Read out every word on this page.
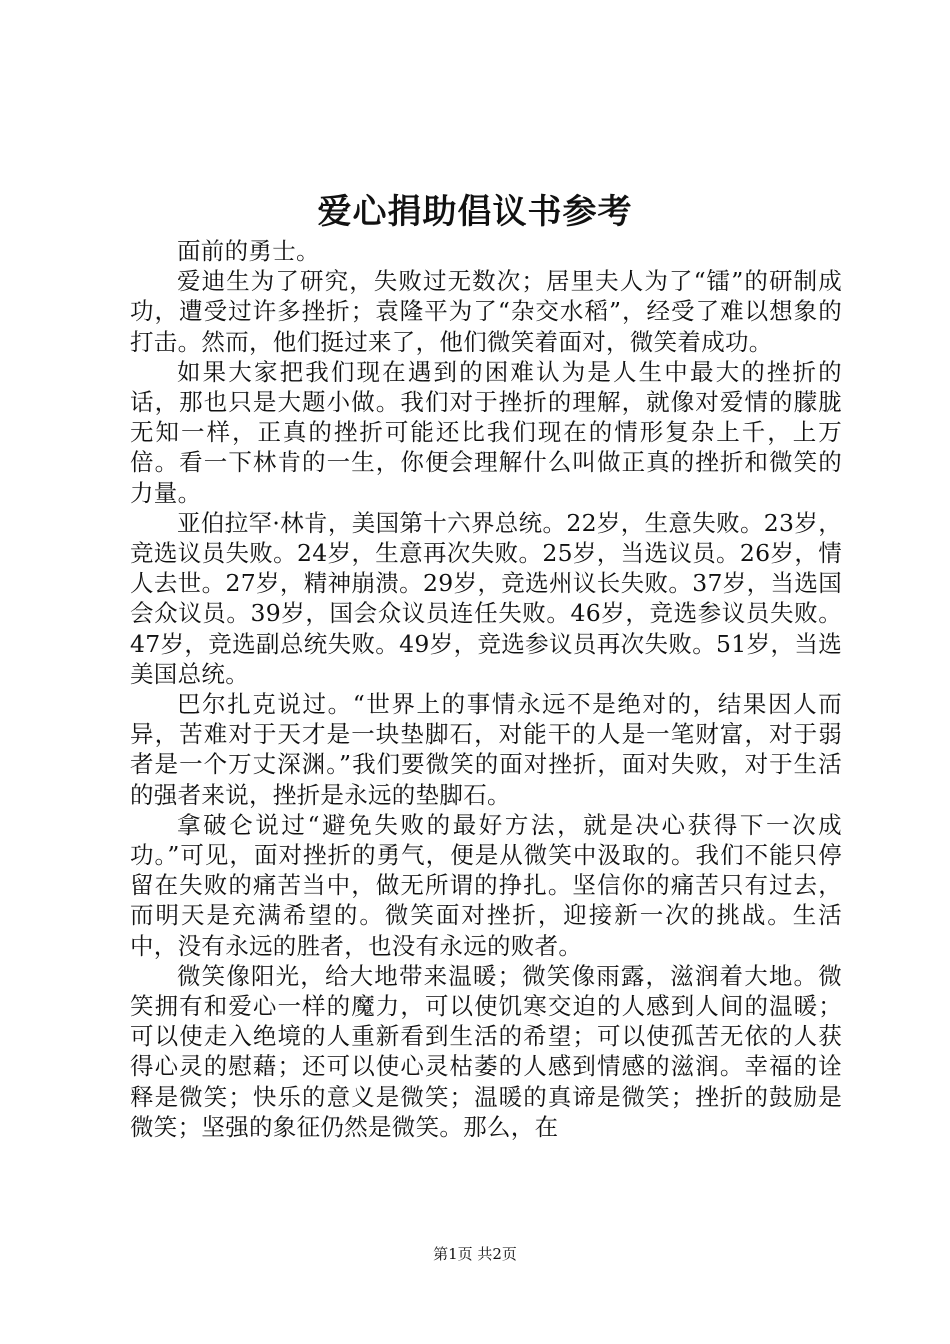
爱心捐助倡议书参考

面前的勇士。

爱迪生为了研究，失败过无数次；居里夫人为了“镭”的研制成功，遭受过许多挫折；袁隆平为了“杂交水稻”，经受了难以想象的打击。然而，他们挺过来了，他们微笑着面对，微笑着成功。

如果大家把我们现在遇到的困难认为是人生中最大的挫折的话，那也只是大题小做。我们对于挫折的理解，就像对爱情的朦胧无知一样，正真的挫折可能还比我们现在的情形复杂上千，上万倍。看一下林肯的一生，你便会理解什么叫做正真的挫折和微笑的力量。

亚伯拉罕·林肯，美国第十六界总统。22岁，生意失败。23岁，竞选议员失败。24岁，生意再次失败。25岁，当选议员。26岁，情人去世。27岁，精神崩溃。29岁，竞选州议长失败。37岁，当选国会众议员。39岁，国会众议员连任失败。46岁，竞选参议员失败。47岁，竞选副总统失败。49岁，竞选参议员再次失败。51岁，当选美国总统。

巴尔扎克说过。“世界上的事情永远不是绝对的，结果因人而异，苦难对于天才是一块垫脚石，对能干的人是一笔财富，对于弱者是一个万丈深渊。”我们要微笑的面对挫折，面对失败，对于生活的强者来说，挫折是永远的垫脚石。

拿破仑说过“避免失败的最好方法，就是决心获得下一次成功。”可见，面对挫折的勇气，便是从微笑中汲取的。我们不能只停留在失败的痛苦当中，做无所谓的挣扎。坚信你的痛苦只有过去，而明天是充满希望的。微笑面对挫折，迎接新一次的挑战。生活中，没有永远的胜者，也没有永远的败者。

微笑像阳光，给大地带来温暖；微笑像雨露，滋润着大地。微笑拥有和爱心一样的魔力，可以使饥寒交迫的人感到人间的温暖；可以使走入绝境的人重新看到生活的希望；可以使孤苦无依的人获得心灵的慰藉；还可以使心灵枯萎的人感到情感的滋润。幸福的诠释是微笑；快乐的意义是微笑；温暖的真谛是微笑；挫折的鼓励是微笑；坚强的象征仍然是微笑。那么，在

第1页 共2页
